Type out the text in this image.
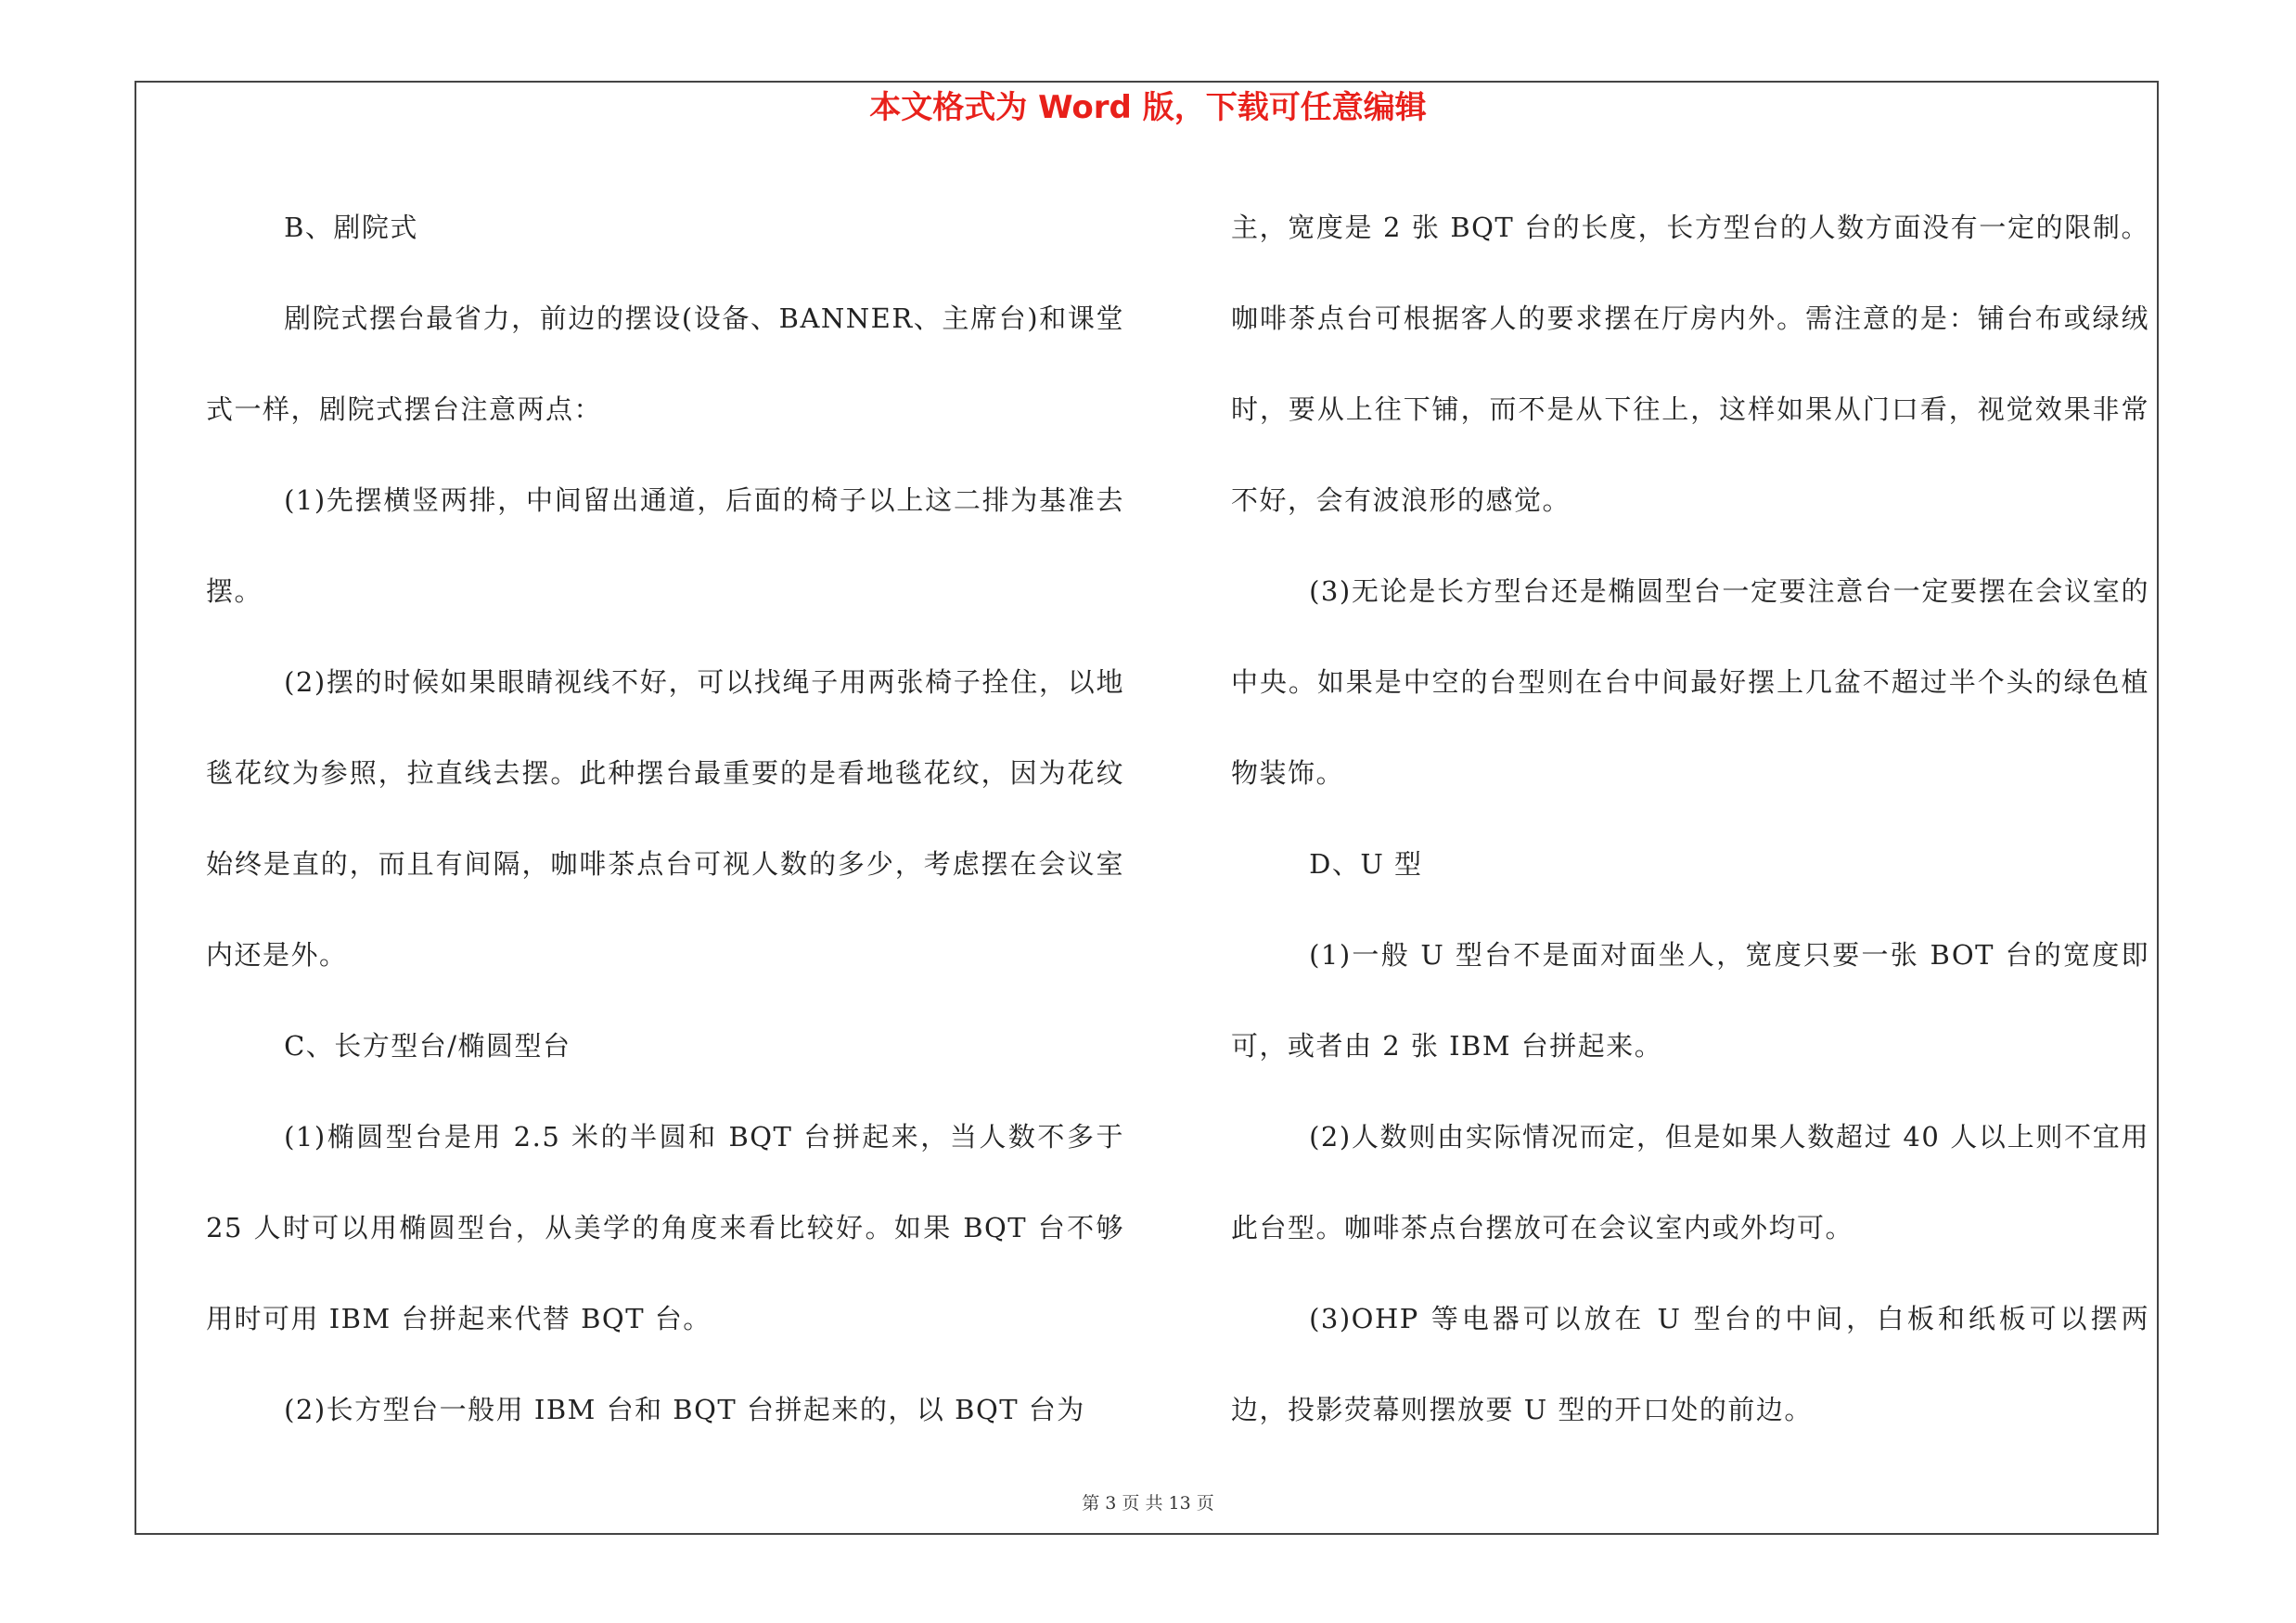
本文格式为 Word 版，下载可任意编辑

B、剧院式

剧院式摆台最省力，前边的摆设(设备、BANNER、主席台)和课堂式一样，剧院式摆台注意两点：

(1)先摆横竖两排，中间留出通道，后面的椅子以上这二排为基准去摆。

(2)摆的时候如果眼睛视线不好，可以找绳子用两张椅子拴住，以地毯花纹为参照，拉直线去摆。此种摆台最重要的是看地毯花纹，因为花纹始终是直的，而且有间隔，咖啡茶点台可视人数的多少，考虑摆在会议室内还是外。

C、长方型台/椭圆型台

(1)椭圆型台是用 2.5 米的半圆和 BQT 台拼起来，当人数不多于 25 人时可以用椭圆型台，从美学的角度来看比较好。如果 BQT 台不够用时可用 IBM 台拼起来代替 BQT 台。

(2)长方型台一般用 IBM 台和 BQT 台拼起来的，以 BQT 台为

主，宽度是 2 张 BQT 台的长度，长方型台的人数方面没有一定的限制。咖啡茶点台可根据客人的要求摆在厅房内外。需注意的是：铺台布或绿绒时，要从上往下铺，而不是从下往上，这样如果从门口看，视觉效果非常不好，会有波浪形的感觉。

(3)无论是长方型台还是椭圆型台一定要注意台一定要摆在会议室的中央。如果是中空的台型则在台中间最好摆上几盆不超过半个头的绿色植物装饰。

D、U 型

(1)一般 U 型台不是面对面坐人，宽度只要一张 BOT 台的宽度即可，或者由 2 张 IBM 台拼起来。

(2)人数则由实际情况而定，但是如果人数超过 40 人以上则不宜用此台型。咖啡茶点台摆放可在会议室内或外均可。

(3)OHP 等电器可以放在 U 型台的中间，白板和纸板可以摆两边，投影荧幕则摆放要 U 型的开口处的前边。

第 3 页 共 13 页
